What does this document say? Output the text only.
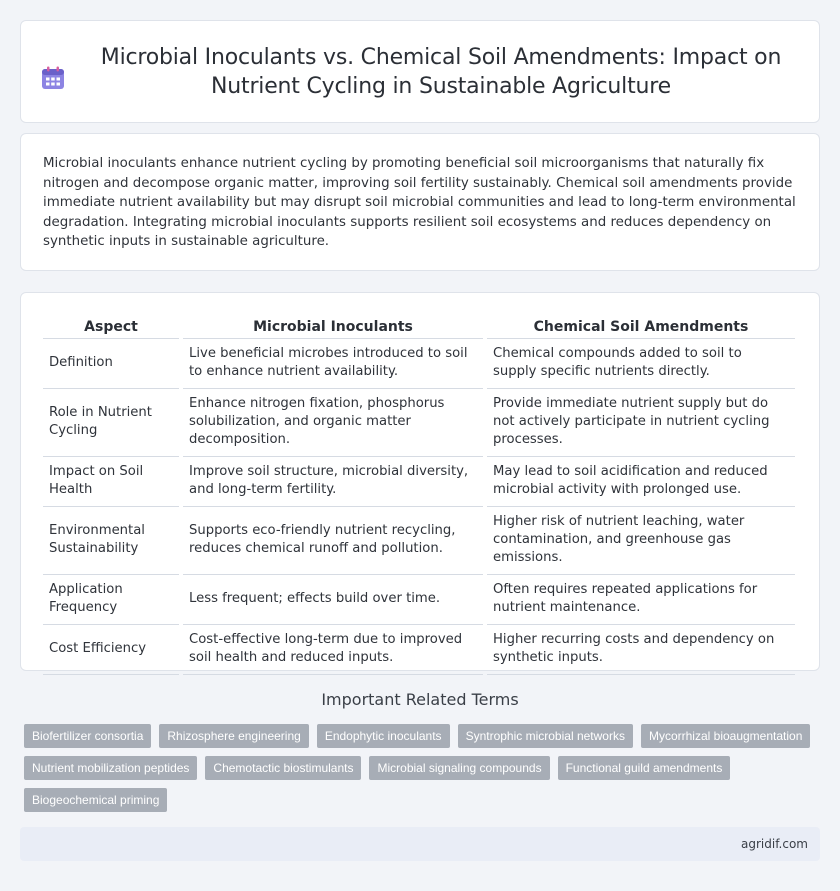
Microbial Inoculants vs. Chemical Soil Amendments: Impact on Nutrient Cycling in Sustainable Agriculture

Microbial inoculants enhance nutrient cycling by promoting beneficial soil microorganisms that naturally fix nitrogen and decompose organic matter, improving soil fertility sustainably. Chemical soil amendments provide immediate nutrient availability but may disrupt soil microbial communities and lead to long-term environmental degradation. Integrating microbial inoculants supports resilient soil ecosystems and reduces dependency on synthetic inputs in sustainable agriculture.

Aspect	Microbial Inoculants	Chemical Soil Amendments
Definition	Live beneficial microbes introduced to soil to enhance nutrient availability.	Chemical compounds added to soil to supply specific nutrients directly.
Role in Nutrient Cycling	Enhance nitrogen fixation, phosphorus solubilization, and organic matter decomposition.	Provide immediate nutrient supply but do not actively participate in nutrient cycling processes.
Impact on Soil Health	Improve soil structure, microbial diversity, and long-term fertility.	May lead to soil acidification and reduced microbial activity with prolonged use.
Environmental Sustainability	Supports eco-friendly nutrient recycling, reduces chemical runoff and pollution.	Higher risk of nutrient leaching, water contamination, and greenhouse gas emissions.
Application Frequency	Less frequent; effects build over time.	Often requires repeated applications for nutrient maintenance.
Cost Efficiency	Cost-effective long-term due to improved soil health and reduced inputs.	Higher recurring costs and dependency on synthetic inputs.
Important Related Terms
Biofertilizer consortia	Rhizosphere engineering	Endophytic inoculants	Syntrophic microbial networks	Mycorrhizal bioaugmentation
Nutrient mobilization peptides	Chemotactic biostimulants	Microbial signaling compounds	Functional guild amendments
Biogeochemical priming
agridif.com
